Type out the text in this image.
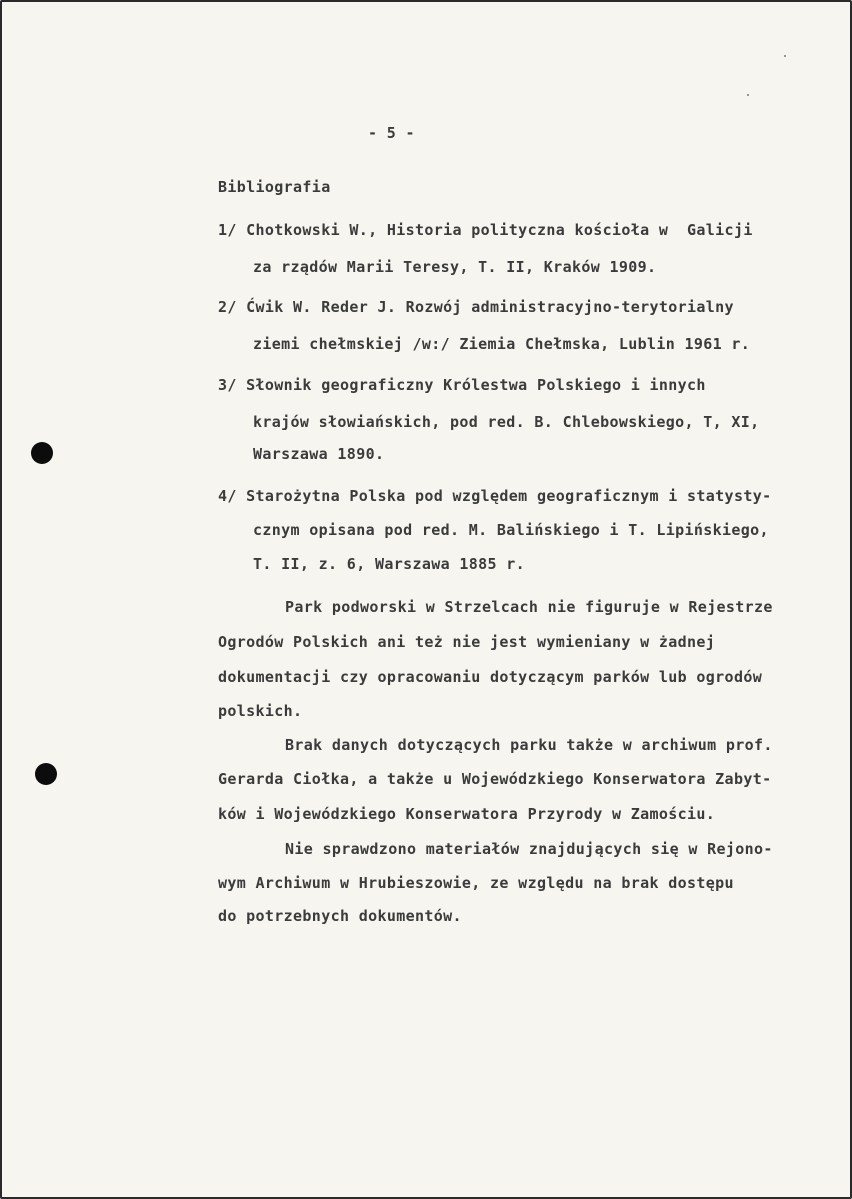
- 5 -
Bibliografia
1/ Chotkowski W., Historia polityczna kościoła w  Galicji
za rządów Marii Teresy, T. II, Kraków 1909.
2/ Ćwik W. Reder J. Rozwój administracyjno-terytorialny
ziemi chełmskiej /w:/ Ziemia Chełmska, Lublin 1961 r.
3/ Słownik geograficzny Królestwa Polskiego i innych
krajów słowiańskich, pod red. B. Chlebowskiego, T, XI,
Warszawa 1890.
4/ Starożytna Polska pod względem geograficznym i statysty-
cznym opisana pod red. M. Balińskiego i T. Lipińskiego,
T. II, z. 6, Warszawa 1885 r.
Park podworski w Strzelcach nie figuruje w Rejestrze
Ogrodów Polskich ani też nie jest wymieniany w żadnej
dokumentacji czy opracowaniu dotyczącym parków lub ogrodów
polskich.
Brak danych dotyczących parku także w archiwum prof.
Gerarda Ciołka, a także u Wojewódzkiego Konserwatora Zabyt-
ków i Wojewódzkiego Konserwatora Przyrody w Zamościu.
Nie sprawdzono materiałów znajdujących się w Rejono-
wym Archiwum w Hrubieszowie, ze względu na brak dostępu
do potrzebnych dokumentów.
